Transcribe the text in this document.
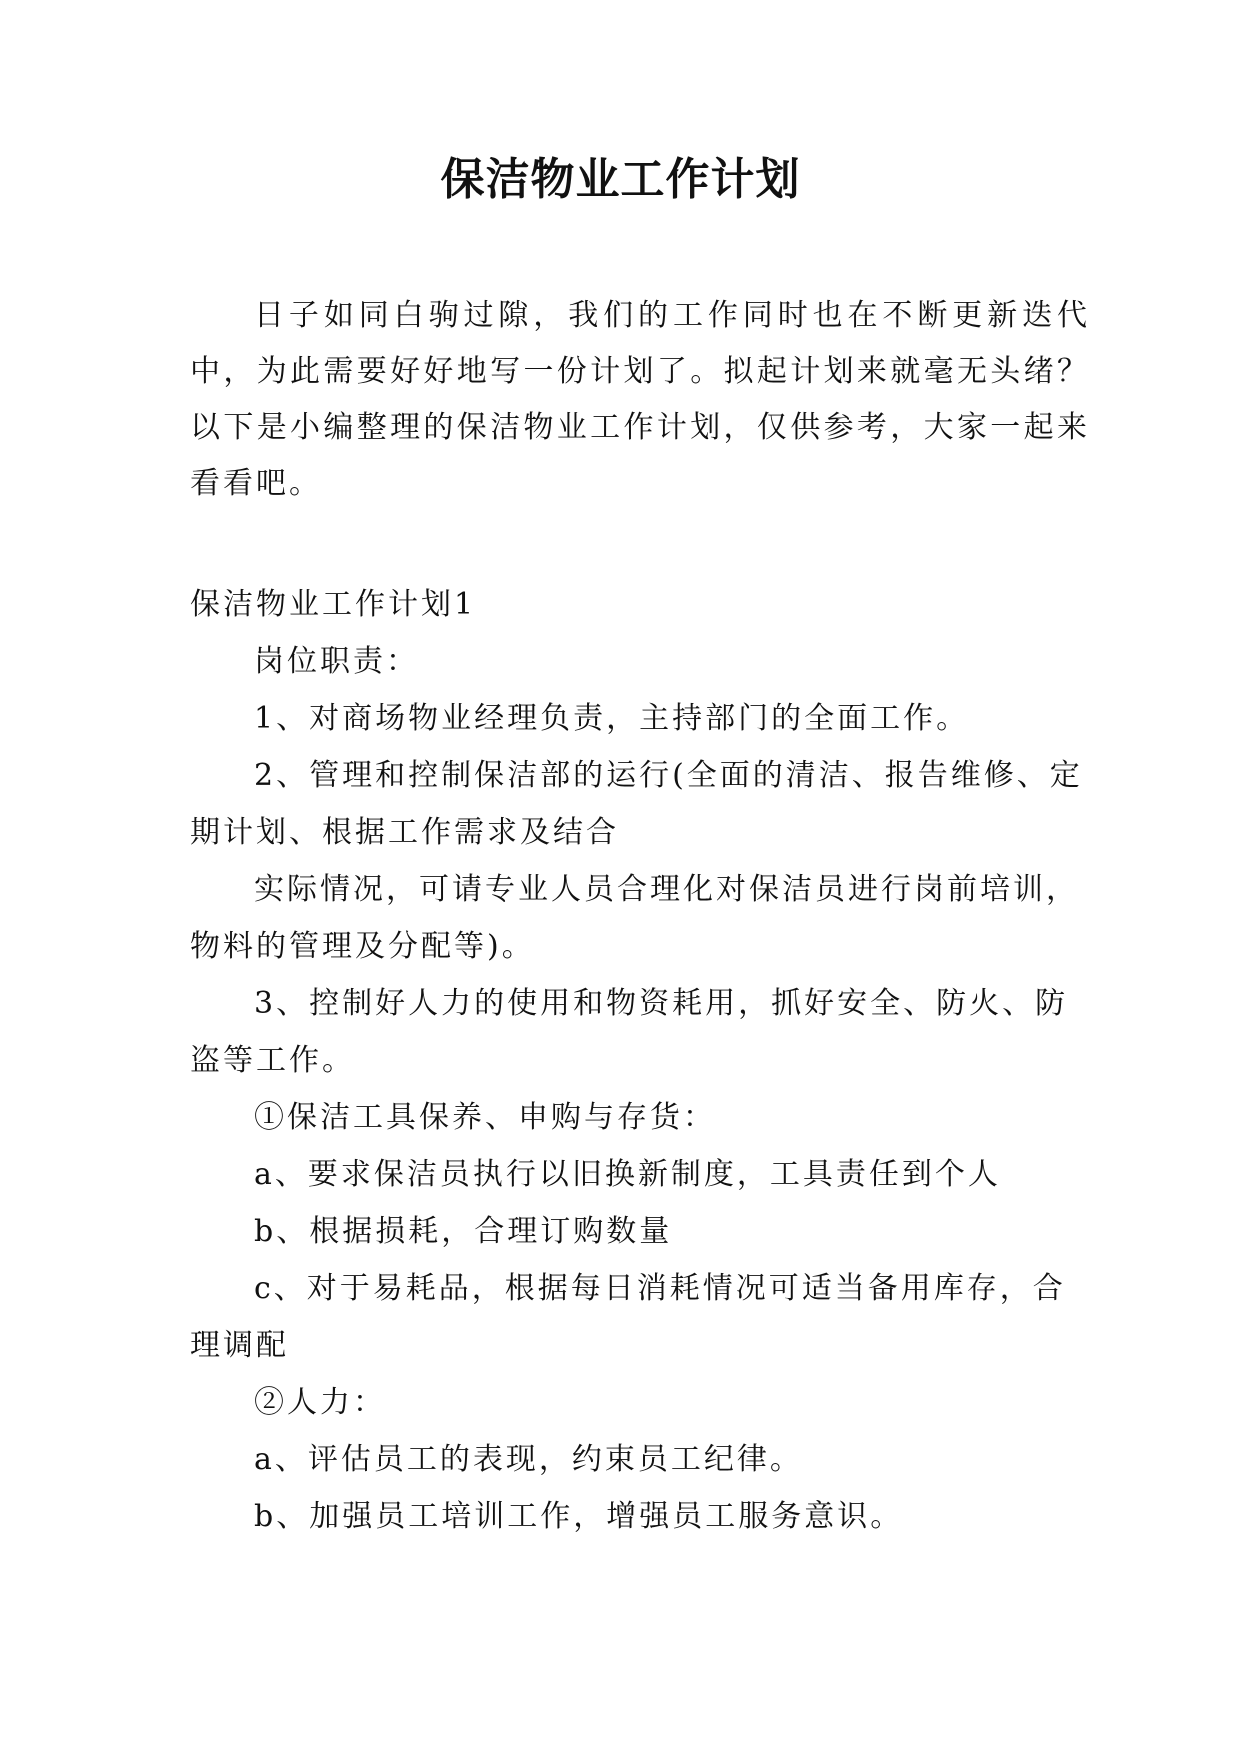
保洁物业工作计划

日子如同白驹过隙，我们的工作同时也在不断更新迭代中，为此需要好好地写一份计划了。拟起计划来就毫无头绪？以下是小编整理的保洁物业工作计划，仅供参考，大家一起来看看吧。

保洁物业工作计划1

岗位职责：

1、对商场物业经理负责，主持部门的全面工作。

2、管理和控制保洁部的运行(全面的清洁、报告维修、定期计划、根据工作需求及结合

实际情况，可请专业人员合理化对保洁员进行岗前培训，物料的管理及分配等)。

3、控制好人力的使用和物资耗用，抓好安全、防火、防盗等工作。

①保洁工具保养、申购与存货：

a、要求保洁员执行以旧换新制度，工具责任到个人

b、根据损耗，合理订购数量

c、对于易耗品，根据每日消耗情况可适当备用库存，合理调配

②人力：

a、评估员工的表现，约束员工纪律。

b、加强员工培训工作，增强员工服务意识。
